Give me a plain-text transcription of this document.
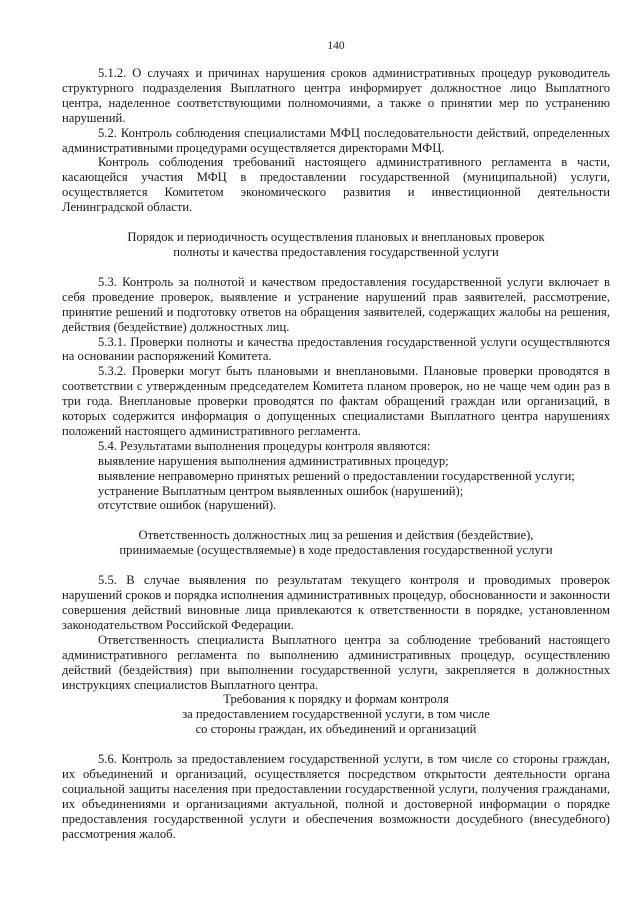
140

5.1.2. О случаях и причинах нарушения сроков административных процедур руководитель структурного подразделения Выплатного центра информирует должностное лицо Выплатного центра, наделенное соответствующими полномочиями, а также о принятии мер по устранению нарушений.

5.2. Контроль соблюдения специалистами МФЦ последовательности действий, определенных административными процедурами осуществляется директорами МФЦ.

Контроль соблюдения требований настоящего административного регламента в части, касающейся участия МФЦ в предоставлении государственной (муниципальной) услуги, осуществляется Комитетом экономического развития и инвестиционной деятельности Ленинградской области.

Порядок и периодичность осуществления плановых и внеплановых проверок

полноты и качества предоставления государственной услуги

5.3. Контроль за полнотой и качеством предоставления государственной услуги включает в себя проведение проверок, выявление и устранение нарушений прав заявителей, рассмотрение, принятие решений и подготовку ответов на обращения заявителей, содержащих жалобы на решения, действия (бездействие) должностных лиц.

5.3.1. Проверки полноты и качества предоставления государственной услуги осуществляются на основании распоряжений Комитета.

5.3.2. Проверки могут быть плановыми и внеплановыми. Плановые проверки проводятся в соответствии с утвержденным председателем Комитета планом проверок, но не чаще чем один раз в три года. Внеплановые проверки проводятся по фактам обращений граждан или организаций, в которых содержится информация о допущенных специалистами Выплатного центра нарушениях положений настоящего административного регламента.

5.4. Результатами выполнения процедуры контроля являются:

выявление нарушения выполнения административных процедур;

выявление неправомерно принятых решений о предоставлении государственной услуги;

устранение Выплатным центром выявленных ошибок (нарушений);

отсутствие ошибок (нарушений).

Ответственность должностных лиц за решения и действия (бездействие),

принимаемые (осуществляемые) в ходе предоставления государственной услуги

5.5. В случае выявления по результатам текущего контроля и проводимых проверок нарушений сроков и порядка исполнения административных процедур, обоснованности и законности совершения действий виновные лица привлекаются к ответственности в порядке, установленном законодательством Российской Федерации.

Ответственность специалиста Выплатного центра за соблюдение требований настоящего административного регламента по выполнению административных процедур, осуществлению действий (бездействия) при выполнении государственной услуги, закрепляется в должностных инструкциях специалистов Выплатного центра.

Требования к порядку и формам контроля

за предоставлением государственной услуги, в том числе

со стороны граждан, их объединений и организаций

5.6. Контроль за предоставлением государственной услуги, в том числе со стороны граждан, их объединений и организаций, осуществляется посредством открытости деятельности органа социальной защиты населения при предоставлении государственной услуги, получения гражданами, их объединениями и организациями актуальной, полной и достоверной информации о порядке предоставления государственной услуги и обеспечения возможности досудебного (внесудебного) рассмотрения жалоб.
